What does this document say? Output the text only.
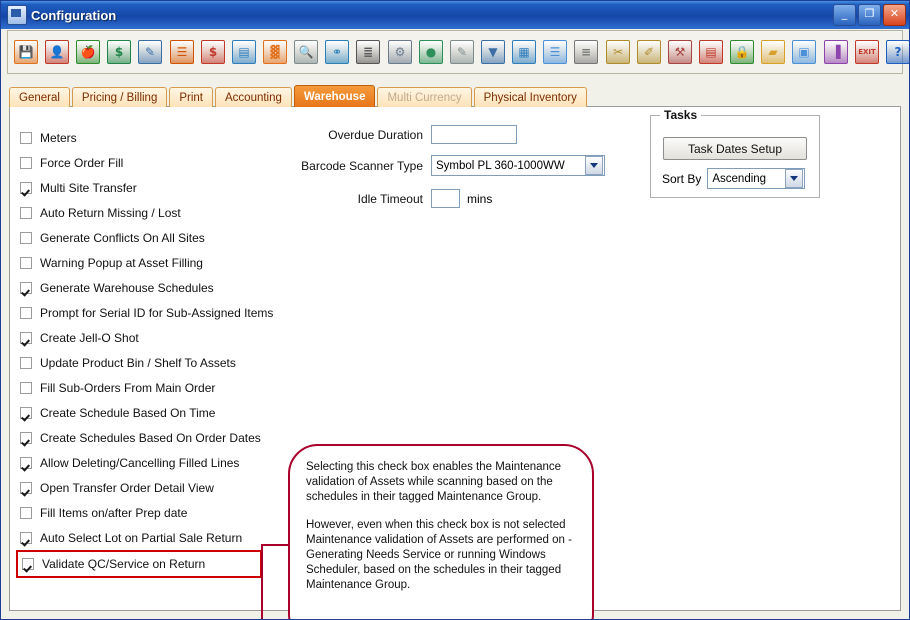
Configuration	_	❐	✕
💾	👤	🍎	$	✎	☰	$	▤	▓	🔍	⚭	≣	⚙	●	✎	▼	▦	☰	≡	✂	✐	⚒	▤	🔒	▰	▣	▐	EXIT	?
General	Pricing / Billing	Print	Accounting	Warehouse	Multi Currency	Physical Inventory
Meters
Force Order Fill
Multi Site Transfer
Auto Return Missing / Lost
Generate Conflicts On All Sites
Warning Popup at Asset Filling
Generate Warehouse Schedules
Prompt for Serial ID for Sub-Assigned Items
Create Jell-O Shot
Update Product Bin / Shelf To Assets
Fill Sub-Orders From Main Order
Create Schedule Based On Time
Create Schedules Based On Order Dates
Allow Deleting/Cancelling Filled Lines
Open Transfer Order Detail View
Fill Items on/after Prep date
Auto Select Lot on Partial Sale Return
Validate QC/Service on Return
Overdue Duration
Barcode Scanner Type	Symbol PL 360-1000WW
Idle Timeout	mins
Tasks
Task Dates Setup
Sort By Ascending

Selecting this check box enables the Maintenance validation of Assets while scanning based on the schedules in their tagged Maintenance Group.

However, even when this check box is not selected Maintenance validation of Assets are performed on - Generating Needs Service or running Windows Scheduler, based on the schedules in their tagged Maintenance Group.
